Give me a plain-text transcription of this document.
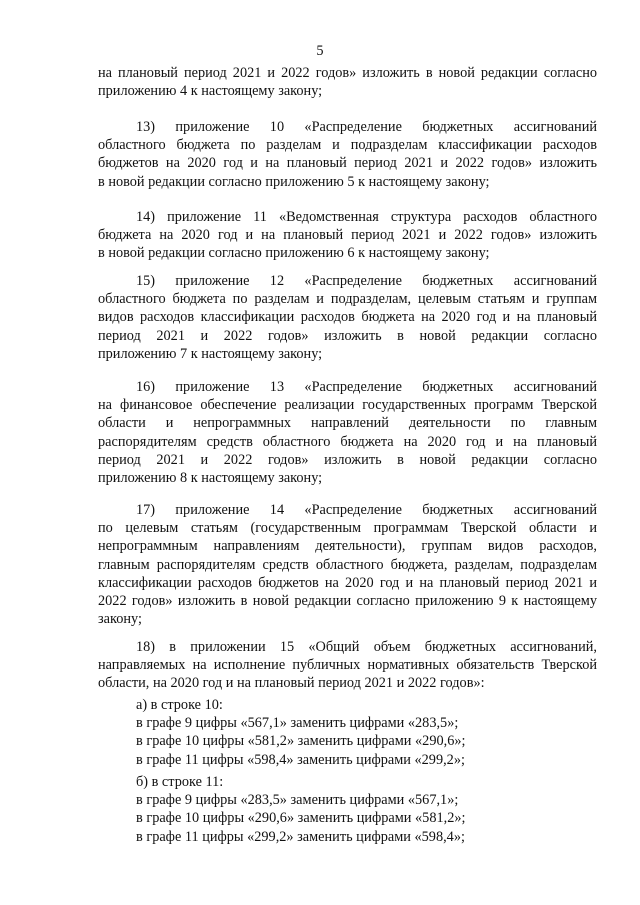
5
на плановый период 2021 и 2022 годов» изложить в новой редакции согласно
приложению 4 к настоящему закону;
13) приложение 10 «Распределение бюджетных ассигнований
областного бюджета по разделам и подразделам классификации расходов
бюджетов на 2020 год и на плановый период 2021 и 2022 годов» изложить
в новой редакции согласно приложению 5 к настоящему закону;
14) приложение 11 «Ведомственная структура расходов областного
бюджета на 2020 год и на плановый период 2021 и 2022 годов» изложить
в новой редакции согласно приложению 6 к настоящему закону;
15) приложение 12 «Распределение бюджетных ассигнований
областного бюджета по разделам и подразделам, целевым статьям и группам
видов расходов классификации расходов бюджета на 2020 год и на плановый
период 2021 и 2022 годов» изложить в новой редакции согласно
приложению 7 к настоящему закону;
16) приложение 13 «Распределение бюджетных ассигнований
на финансовое обеспечение реализации государственных программ Тверской
области и непрограммных направлений деятельности по главным
распорядителям средств областного бюджета на 2020 год и на плановый
период 2021 и 2022 годов» изложить в новой редакции согласно
приложению 8 к настоящему закону;
17) приложение 14 «Распределение бюджетных ассигнований
по целевым статьям (государственным программам Тверской области и
непрограммным направлениям деятельности), группам видов расходов,
главным распорядителям средств областного бюджета, разделам, подразделам
классификации расходов бюджетов на 2020 год и на плановый период 2021 и
2022 годов» изложить в новой редакции согласно приложению 9 к настоящему
закону;
18) в приложении 15 «Общий объем бюджетных ассигнований,
направляемых на исполнение публичных нормативных обязательств Тверской
области, на 2020 год и на плановый период 2021 и 2022 годов»:
а) в строке 10:
в графе 9 цифры «567,1» заменить цифрами «283,5»;
в графе 10 цифры «581,2» заменить цифрами «290,6»;
в графе 11 цифры «598,4» заменить цифрами «299,2»;
б) в строке 11:
в графе 9 цифры «283,5» заменить цифрами «567,1»;
в графе 10 цифры «290,6» заменить цифрами «581,2»;
в графе 11 цифры «299,2» заменить цифрами «598,4»;
